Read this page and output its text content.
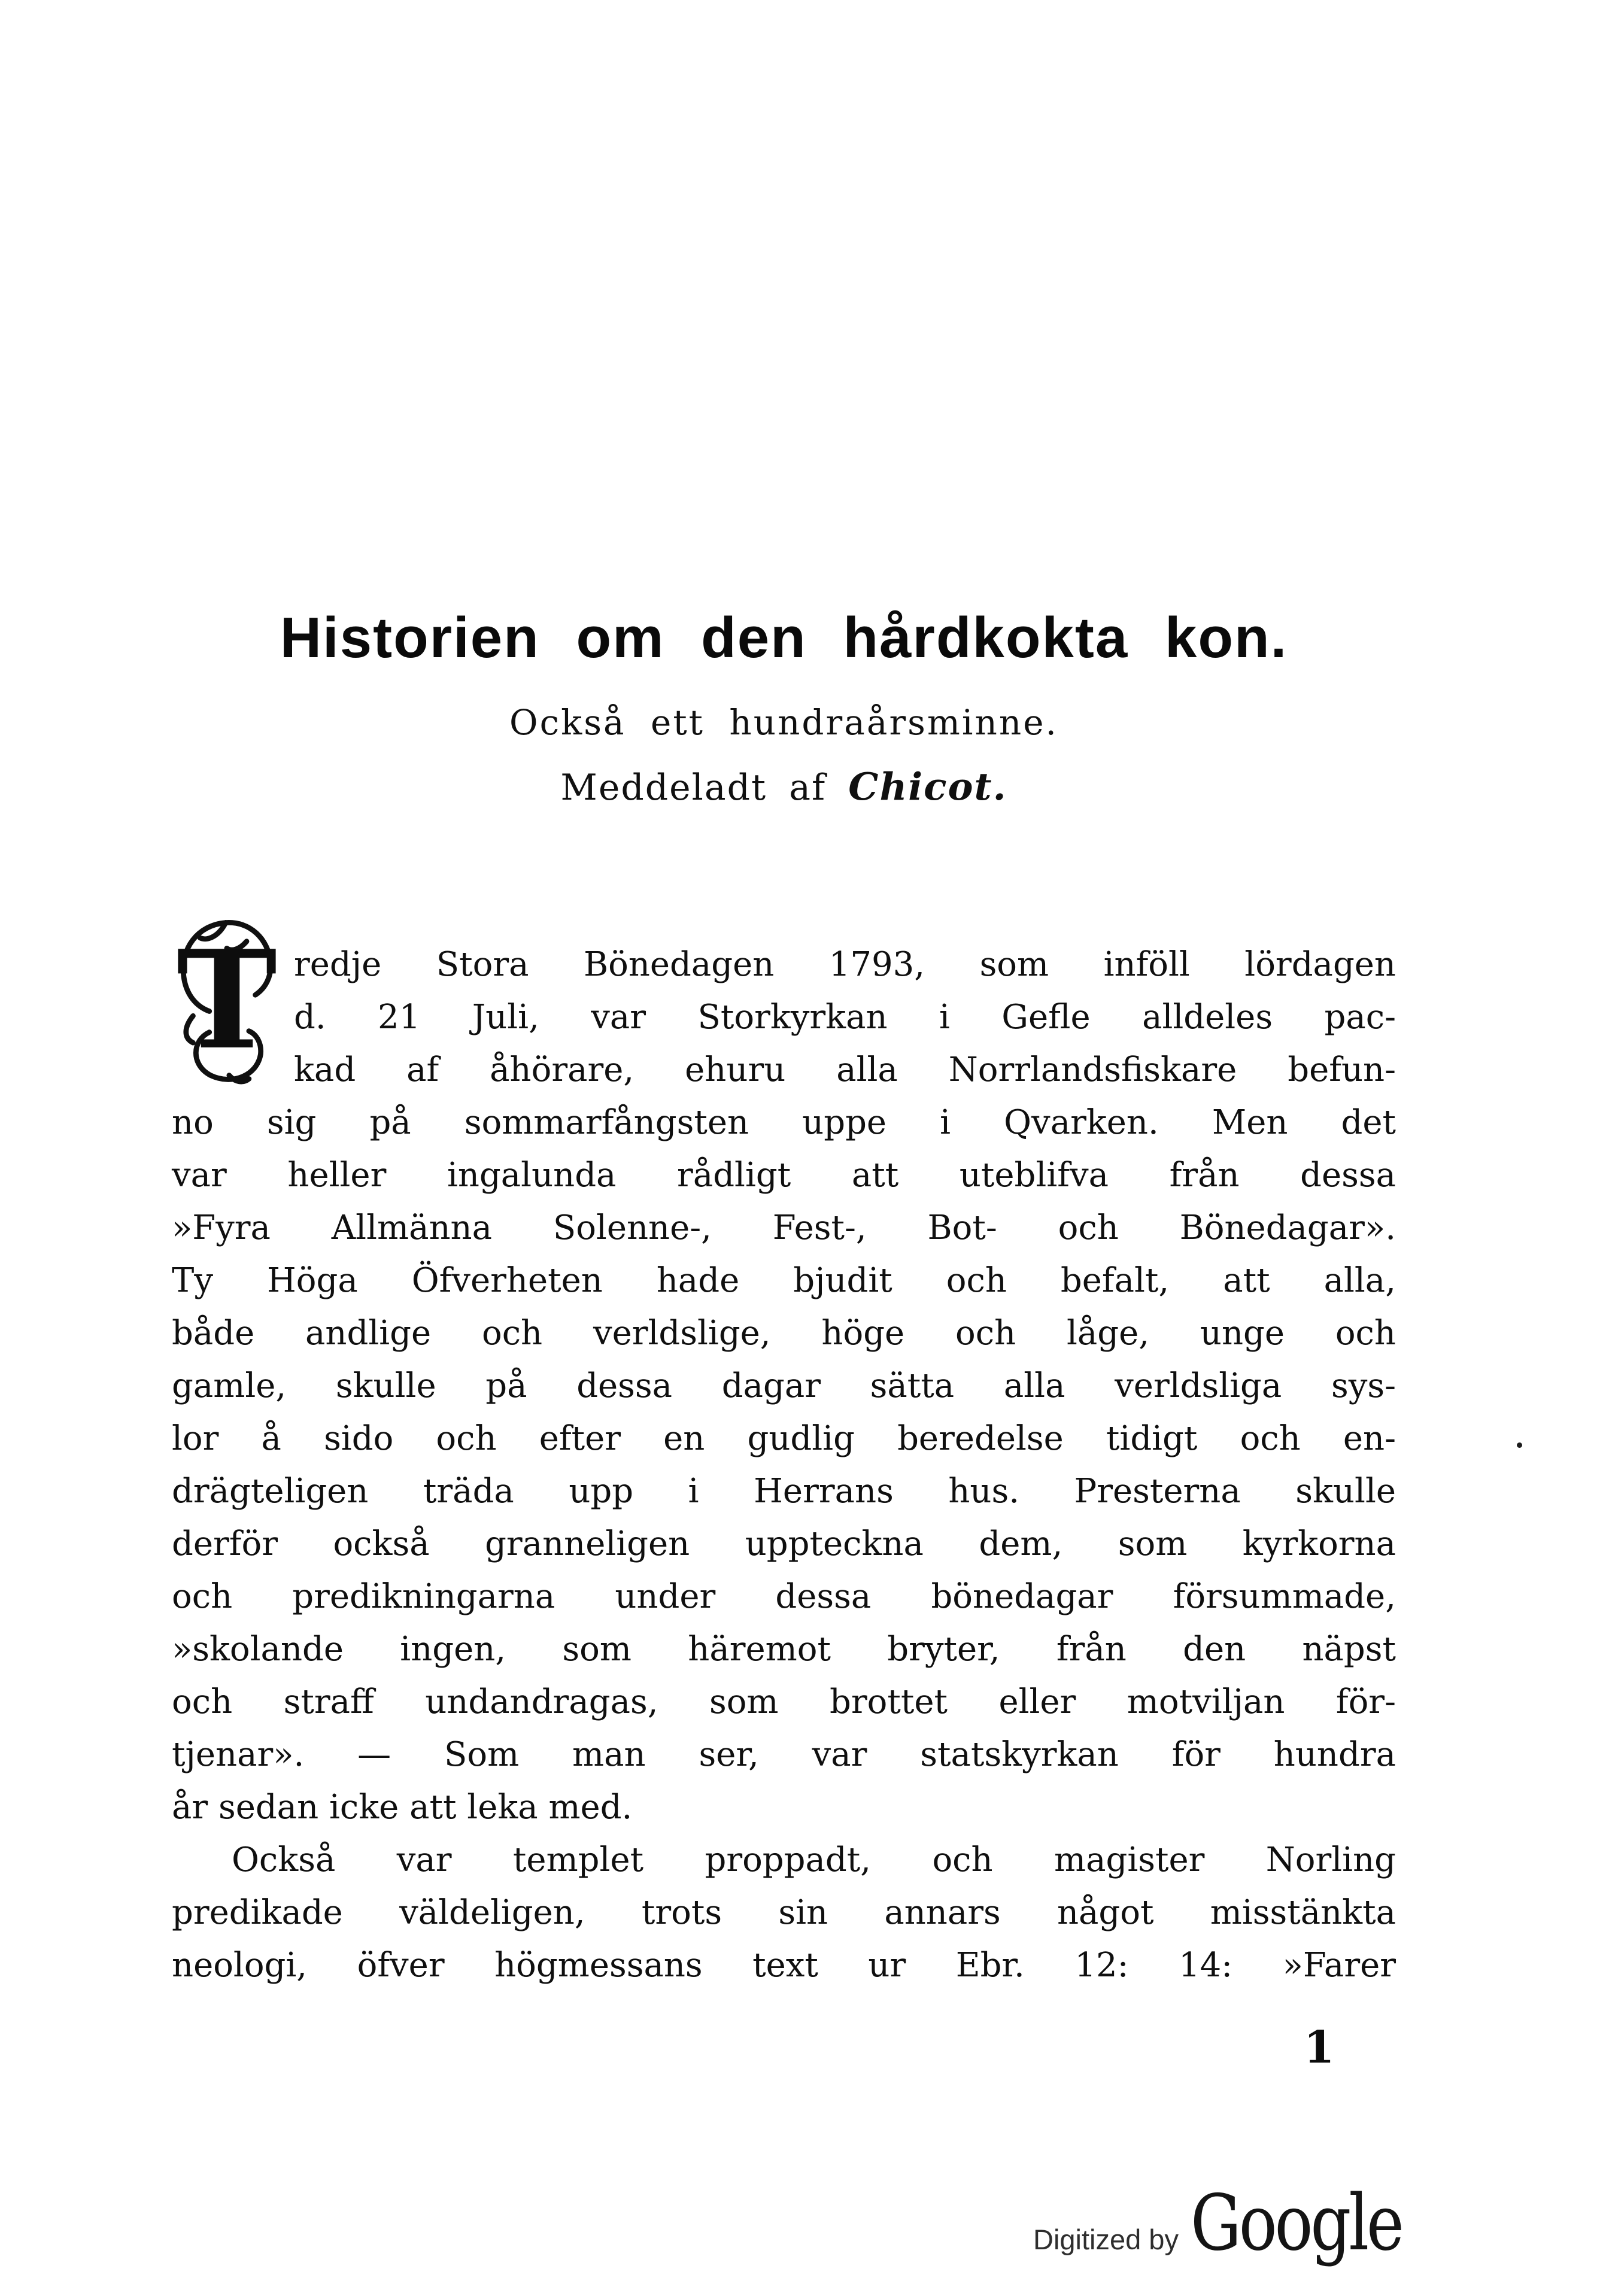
Historien om den hårdkokta kon.
Också ett hundraårsminne.
Meddeladt af Chicot.
T redje Stora Bönedagen 1793, som inföll lördagen
d. 21 Juli, var Storkyrkan i Gefle alldeles pac-
kad af åhörare, ehuru alla Norrlandsfiskare befun-
no sig på sommarfångsten uppe i Qvarken. Men det
var heller ingalunda rådligt att uteblifva från dessa
»Fyra Allmänna Solenne-, Fest-, Bot- och Bönedagar».
Ty Höga Öfverheten hade bjudit och befalt, att alla,
både andlige och verldslige, höge och låge, unge och
gamle, skulle på dessa dagar sätta alla verldsliga sys-
lor å sido och efter en gudlig beredelse tidigt och en-
drägteligen träda upp i Herrans hus. Presterna skulle
derför också granneligen uppteckna dem, som kyrkorna
och predikningarna under dessa bönedagar försummade,
»skolande ingen, som häremot bryter, från den näpst
och straff undandragas, som brottet eller motviljan för-
tjenar». — Som man ser, var statskyrkan för hundra
år sedan icke att leka med.
Också var templet proppadt, och magister Norling
predikade väldeligen, trots sin annars något misstänkta
neologi, öfver högmessans text ur Ebr. 12: 14: »Farer
1
Digitized by Google
